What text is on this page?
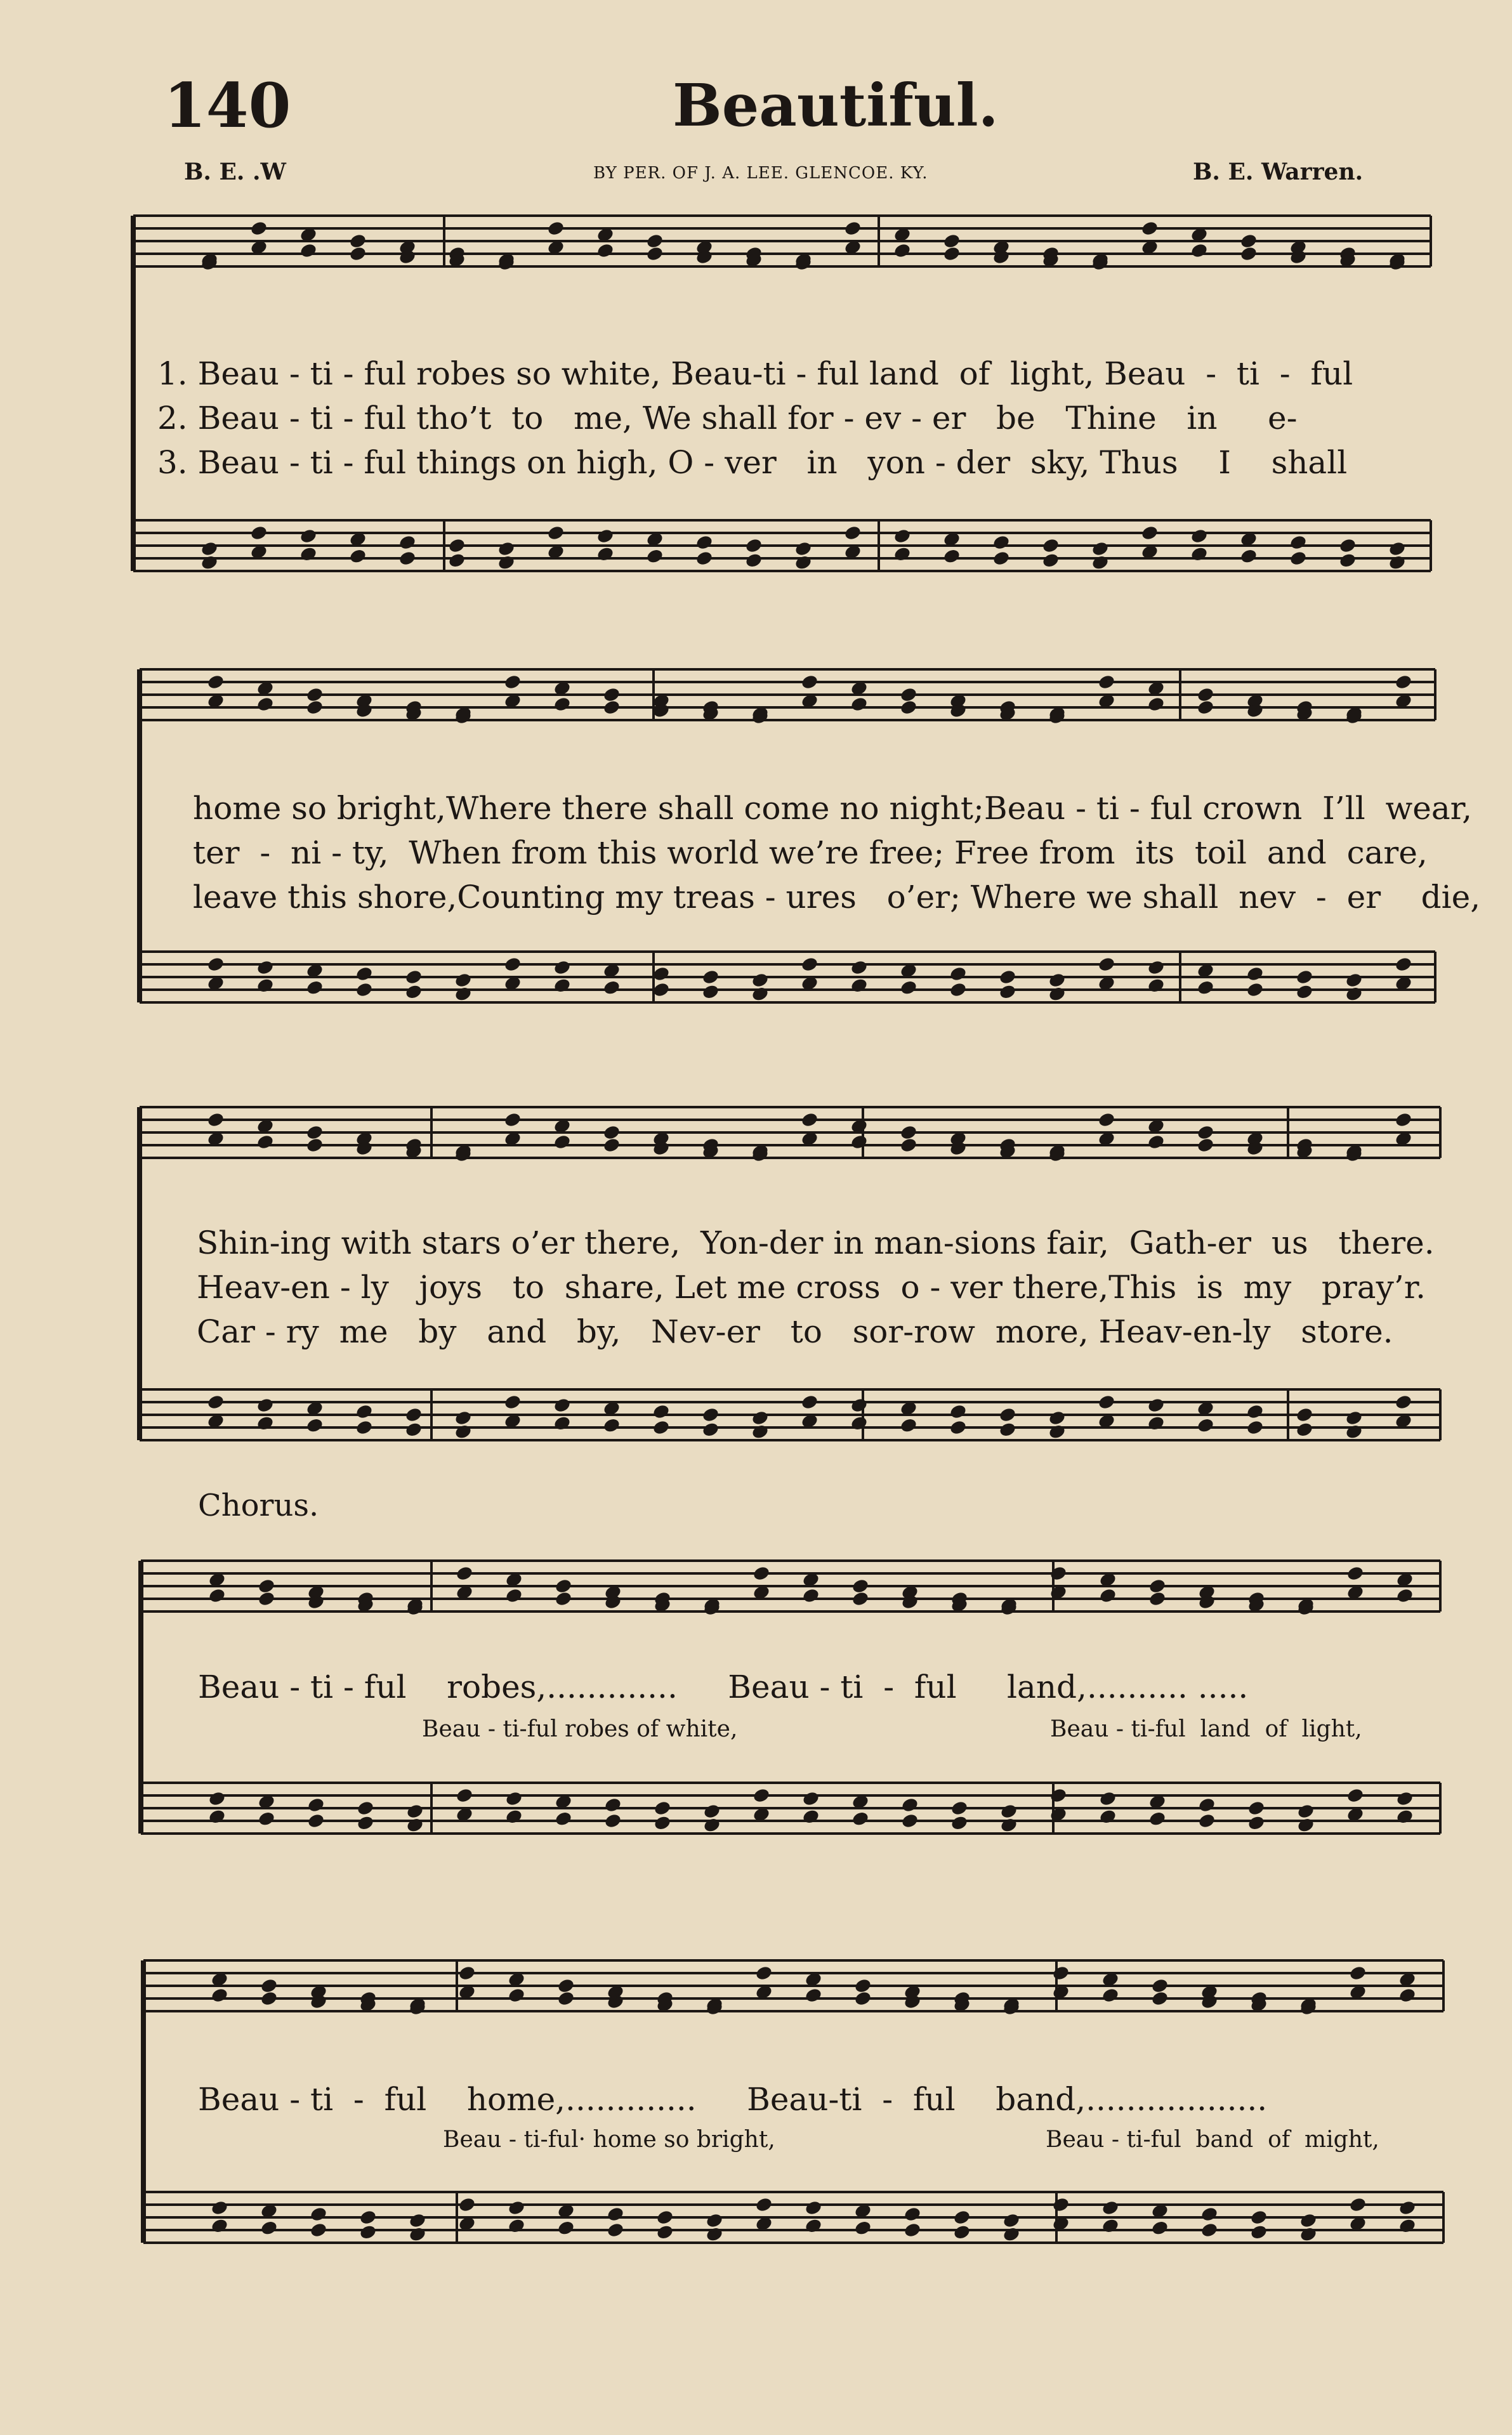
140	Beautiful.
B. E. .W	BY PER. OF J. A. LEE. GLENCOE. KY.	B. E. Warren.
1. Beau - ti - ful robes so white, Beau-ti - ful land  of  light, Beau  -  ti  -  ful
2. Beau - ti - ful tho’t  to   me, We shall for - ev - er   be   Thine   in     e-
3. Beau - ti - ful things on high, O - ver   in   yon - der  sky, Thus    I    shall
home so bright,Where there shall come no night;Beau - ti - ful crown  I’ll  wear,
ter  -  ni - ty,  When from this world we’re free; Free from  its  toil  and  care,
leave this shore,Counting my treas - ures   o’er; Where we shall  nev  -  er    die,
Shin-ing with stars o’er there,  Yon-der in man-sions fair,  Gath-er  us   there.
Heav-en - ly   joys   to  share, Let me cross  o - ver there,This  is  my   pray’r.
Car - ry  me   by   and   by,   Nev-er   to   sor-row  more, Heav-en-ly   store.
Chorus.
Beau - ti - ful    robes,.............     Beau - ti  -  ful     land,.......... .....
Beau - ti-ful robes of white,	Beau - ti-ful  land  of  light,
Beau - ti  -  ful    home,.............     Beau-ti  -  ful    band,..................
Beau - ti-ful· home so bright,	Beau - ti-ful  band  of  might,
